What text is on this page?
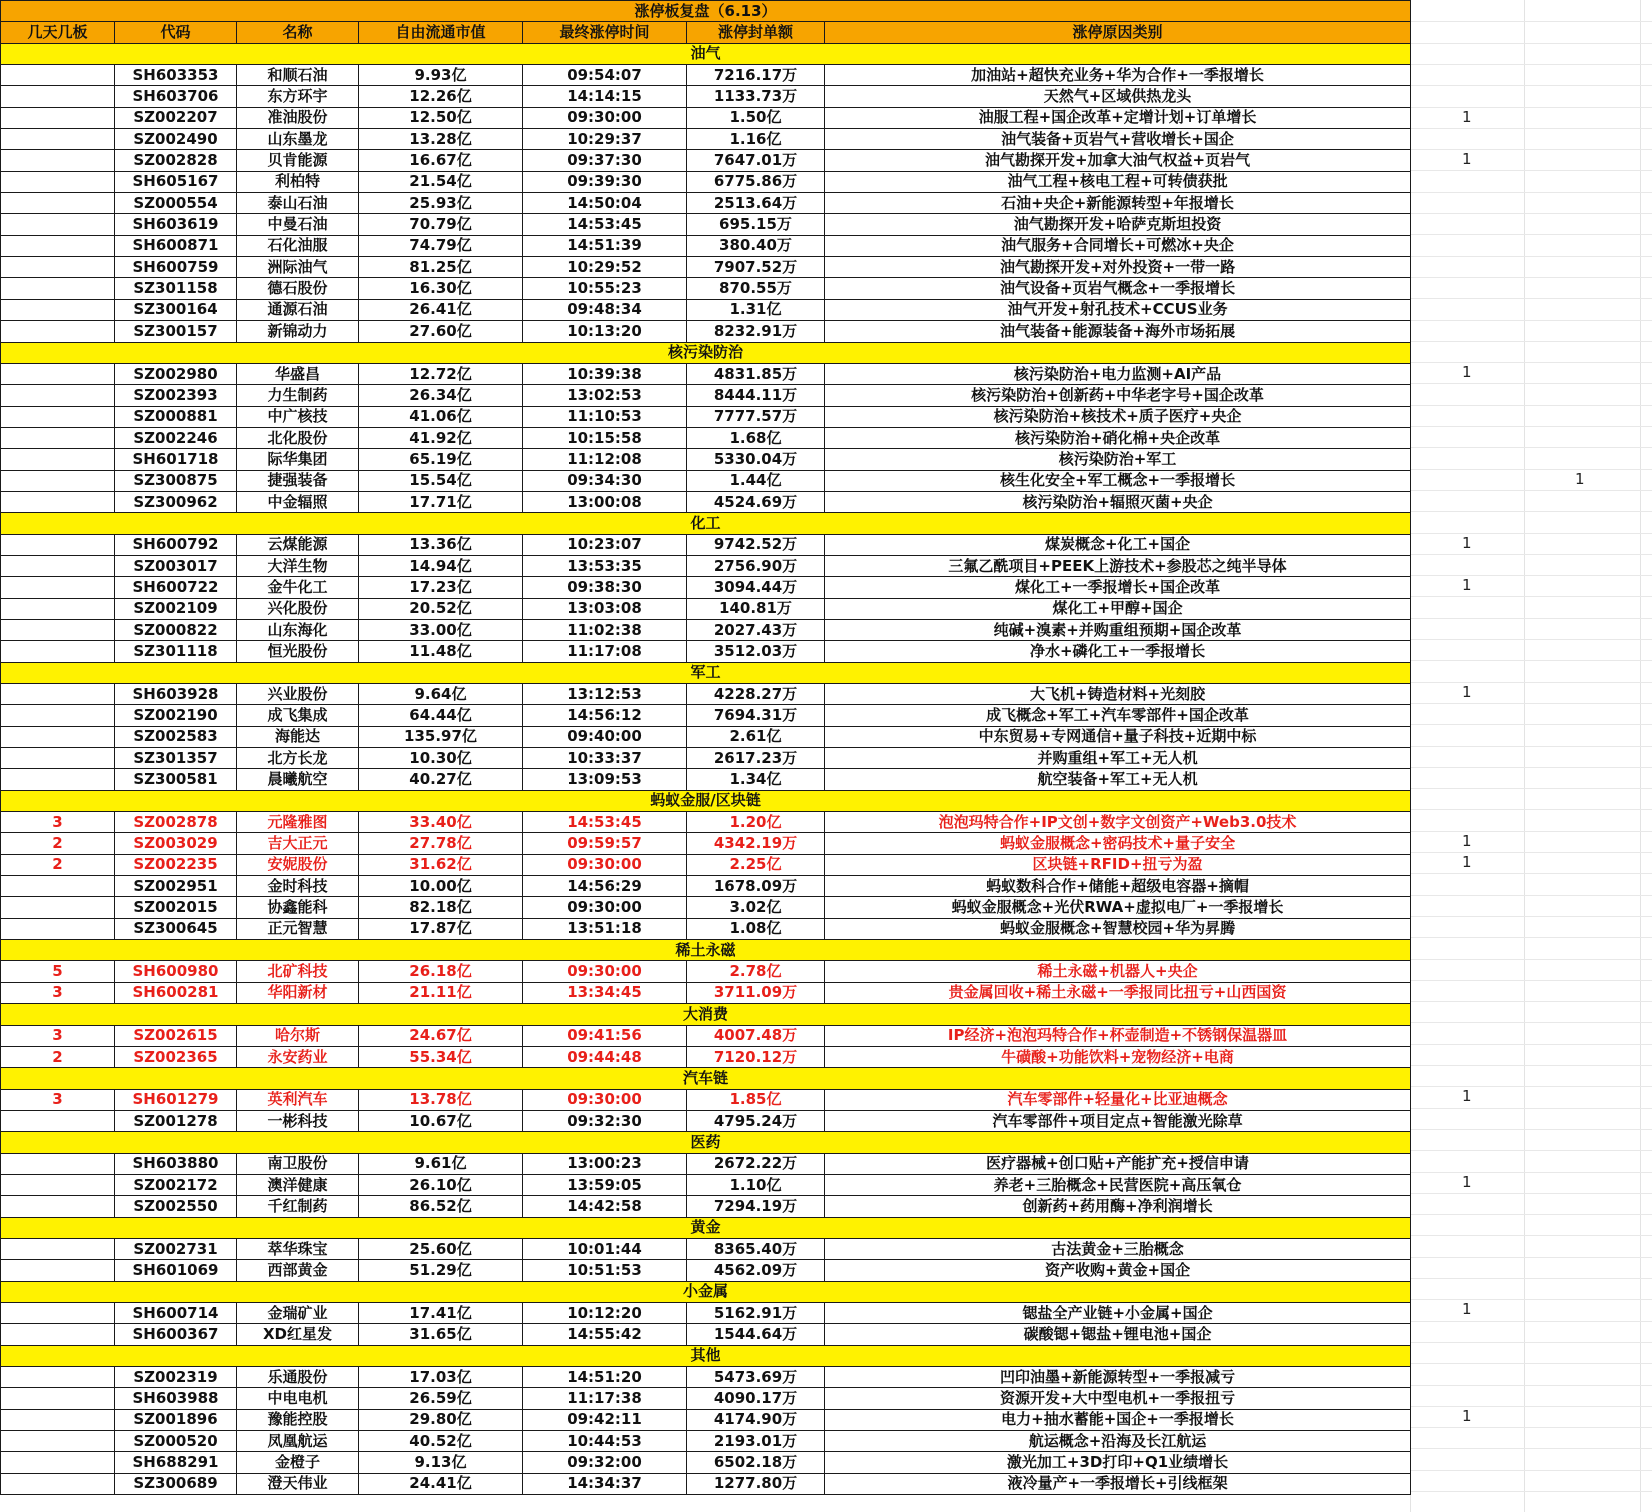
涨停板复盘（6.13）						
几天几板	代码	名称	自由流通市值	最终涨停时间	涨停封单额	涨停原因类别
油气						
	SH603353	和顺石油	9.93亿	09:54:07	7216.17万	加油站+超快充业务+华为合作+一季报增长
	SH603706	东方环宇	12.26亿	14:14:15	1133.73万	天然气+区域供热龙头
	SZ002207	准油股份	12.50亿	09:30:00	1.50亿	油服工程+国企改革+定增计划+订单增长
	SZ002490	山东墨龙	13.28亿	10:29:37	1.16亿	油气装备+页岩气+营收增长+国企
	SZ002828	贝肯能源	16.67亿	09:37:30	7647.01万	油气勘探开发+加拿大油气权益+页岩气
	SH605167	利柏特	21.54亿	09:39:30	6775.86万	油气工程+核电工程+可转债获批
	SZ000554	泰山石油	25.93亿	14:50:04	2513.64万	石油+央企+新能源转型+年报增长
	SH603619	中曼石油	70.79亿	14:53:45	695.15万	油气勘探开发+哈萨克斯坦投资
	SH600871	石化油服	74.79亿	14:51:39	380.40万	油气服务+合同增长+可燃冰+央企
	SH600759	洲际油气	81.25亿	10:29:52	7907.52万	油气勘探开发+对外投资+一带一路
	SZ301158	德石股份	16.30亿	10:55:23	870.55万	油气设备+页岩气概念+一季报增长
	SZ300164	通源石油	26.41亿	09:48:34	1.31亿	油气开发+射孔技术+CCUS业务
	SZ300157	新锦动力	27.60亿	10:13:20	8232.91万	油气装备+能源装备+海外市场拓展
核污染防治						
	SZ002980	华盛昌	12.72亿	10:39:38	4831.85万	核污染防治+电力监测+AI产品
	SZ002393	力生制药	26.34亿	13:02:53	8444.11万	核污染防治+创新药+中华老字号+国企改革
	SZ000881	中广核技	41.06亿	11:10:53	7777.57万	核污染防治+核技术+质子医疗+央企
	SZ002246	北化股份	41.92亿	10:15:58	1.68亿	核污染防治+硝化棉+央企改革
	SH601718	际华集团	65.19亿	11:12:08	5330.04万	核污染防治+军工
	SZ300875	捷强装备	15.54亿	09:34:30	1.44亿	核生化安全+军工概念+一季报增长
	SZ300962	中金辐照	17.71亿	13:00:08	4524.69万	核污染防治+辐照灭菌+央企
化工						
	SH600792	云煤能源	13.36亿	10:23:07	9742.52万	煤炭概念+化工+国企
	SZ003017	大洋生物	14.94亿	13:53:35	2756.90万	三氟乙酰项目+PEEK上游技术+参股芯之纯半导体
	SH600722	金牛化工	17.23亿	09:38:30	3094.44万	煤化工+一季报增长+国企改革
	SZ002109	兴化股份	20.52亿	13:03:08	140.81万	煤化工+甲醇+国企
	SZ000822	山东海化	33.00亿	11:02:38	2027.43万	纯碱+溴素+并购重组预期+国企改革
	SZ301118	恒光股份	11.48亿	11:17:08	3512.03万	净水+磷化工+一季报增长
军工						
	SH603928	兴业股份	9.64亿	13:12:53	4228.27万	大飞机+铸造材料+光刻胶
	SZ002190	成飞集成	64.44亿	14:56:12	7694.31万	成飞概念+军工+汽车零部件+国企改革
	SZ002583	海能达	135.97亿	09:40:00	2.61亿	中东贸易+专网通信+量子科技+近期中标
	SZ301357	北方长龙	10.30亿	10:33:37	2617.23万	并购重组+军工+无人机
	SZ300581	晨曦航空	40.27亿	13:09:53	1.34亿	航空装备+军工+无人机
蚂蚁金服/区块链						
3	SZ002878	元隆雅图	33.40亿	14:53:45	1.20亿	泡泡玛特合作+IP文创+数字文创资产+Web3.0技术
2	SZ003029	吉大正元	27.78亿	09:59:57	4342.19万	蚂蚁金服概念+密码技术+量子安全
2	SZ002235	安妮股份	31.62亿	09:30:00	2.25亿	区块链+RFID+扭亏为盈
	SZ002951	金时科技	10.00亿	14:56:29	1678.09万	蚂蚁数科合作+储能+超级电容器+摘帽
	SZ002015	协鑫能科	82.18亿	09:30:00	3.02亿	蚂蚁金服概念+光伏RWA+虚拟电厂+一季报增长
	SZ300645	正元智慧	17.87亿	13:51:18	1.08亿	蚂蚁金服概念+智慧校园+华为昇腾
稀土永磁						
5	SH600980	北矿科技	26.18亿	09:30:00	2.78亿	稀土永磁+机器人+央企
3	SH600281	华阳新材	21.11亿	13:34:45	3711.09万	贵金属回收+稀土永磁+一季报同比扭亏+山西国资
大消费						
3	SZ002615	哈尔斯	24.67亿	09:41:56	4007.48万	IP经济+泡泡玛特合作+杯壶制造+不锈钢保温器皿
2	SZ002365	永安药业	55.34亿	09:44:48	7120.12万	牛磺酸+功能饮料+宠物经济+电商
汽车链						
3	SH601279	英利汽车	13.78亿	09:30:00	1.85亿	汽车零部件+轻量化+比亚迪概念
	SZ001278	一彬科技	10.67亿	09:32:30	4795.24万	汽车零部件+项目定点+智能激光除草
医药						
	SH603880	南卫股份	9.61亿	13:00:23	2672.22万	医疗器械+创口贴+产能扩充+授信申请
	SZ002172	澳洋健康	26.10亿	13:59:05	1.10亿	养老+三胎概念+民营医院+高压氧仓
	SZ002550	千红制药	86.52亿	14:42:58	7294.19万	创新药+药用酶+净利润增长
黄金						
	SZ002731	萃华珠宝	25.60亿	10:01:44	8365.40万	古法黄金+三胎概念
	SH601069	西部黄金	51.29亿	10:51:53	4562.09万	资产收购+黄金+国企
小金属						
	SH600714	金瑞矿业	17.41亿	10:12:20	5162.91万	锶盐全产业链+小金属+国企
	SH600367	XD红星发	31.65亿	14:55:42	1544.64万	碳酸锶+锶盐+锂电池+国企
其他						
	SZ002319	乐通股份	17.03亿	14:51:20	5473.69万	凹印油墨+新能源转型+一季报减亏
	SH603988	中电电机	26.59亿	11:17:38	4090.17万	资源开发+大中型电机+一季报扭亏
	SZ001896	豫能控股	29.80亿	09:42:11	4174.90万	电力+抽水蓄能+国企+一季报增长
	SZ000520	凤凰航运	40.52亿	10:44:53	2193.01万	航运概念+沿海及长江航运
	SH688291	金橙子	9.13亿	09:32:00	6502.18万	激光加工+3D打印+Q1业绩增长
	SZ300689	澄天伟业	24.41亿	14:34:37	1277.80万	液冷量产+一季报增长+引线框架
1
1
1
1
1
1
1
1
1
1
1
1
1
